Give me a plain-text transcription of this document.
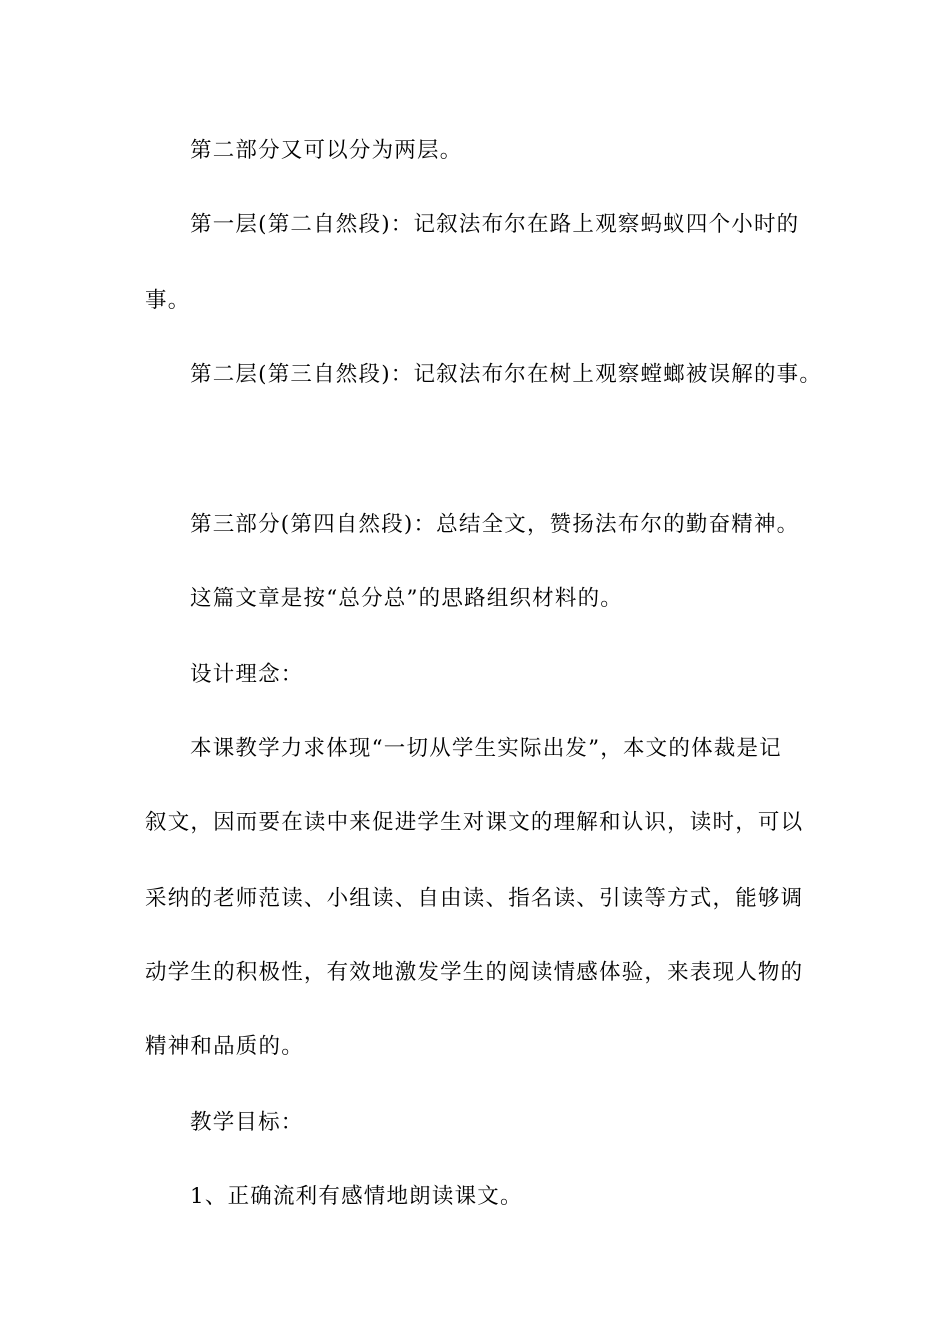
第二部分又可以分为两层。
第一层(第二自然段)：记叙法布尔在路上观察蚂蚁四个小时的
事。
第二层(第三自然段)：记叙法布尔在树上观察螳螂被误解的事。
第三部分(第四自然段)：总结全文，赞扬法布尔的勤奋精神。
这篇文章是按“总分总”的思路组织材料的。
设计理念：
本课教学力求体现“一切从学生实际出发”，本文的体裁是记
叙文，因而要在读中来促进学生对课文的理解和认识，读时，可以
采纳的老师范读、小组读、自由读、指名读、引读等方式，能够调
动学生的积极性，有效地激发学生的阅读情感体验，来表现人物的
精神和品质的。
教学目标：
1、正确流利有感情地朗读课文。
